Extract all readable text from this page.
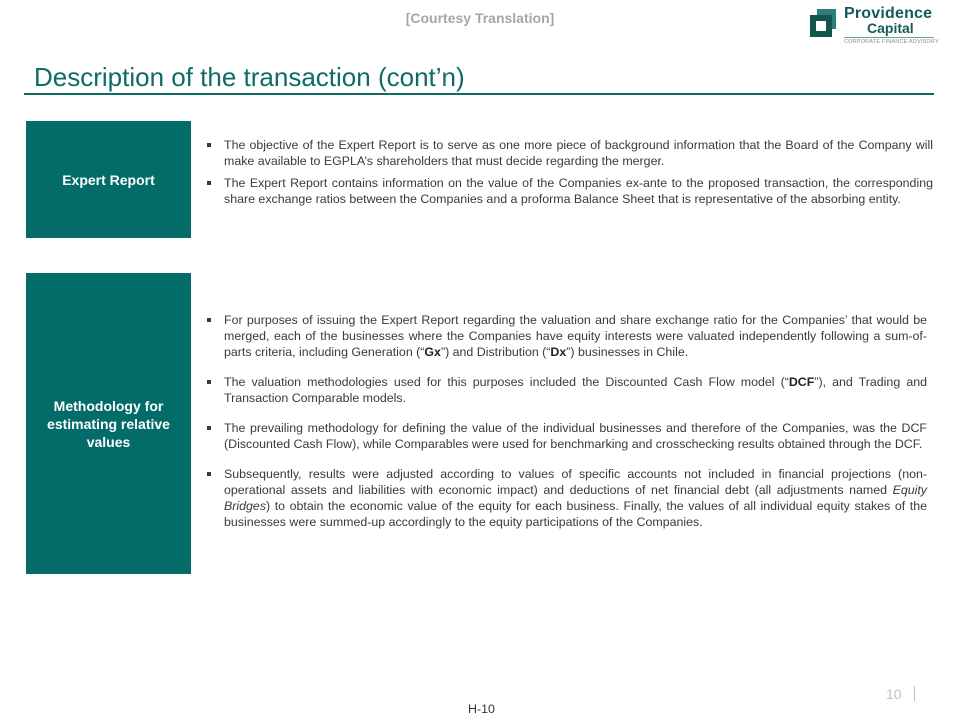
[Courtesy Translation]	Providence
Capital
CORPORATE FINANCE ADVISORY
Description of the transaction (cont’n)
Expert Report
The objective of the Expert Report is to serve as one more piece of background information that the Board of the Company will make available to EGPLA’s shareholders that must decide regarding the merger.
The Expert Report contains information on the value of the Companies ex-ante to the proposed transaction, the corresponding share exchange ratios between the Companies and a proforma Balance Sheet that is representative of the absorbing entity.
Methodology for estimating relative values
For purposes of issuing the Expert Report regarding the valuation and share exchange ratio for the Companies’ that would be merged, each of the businesses where the Companies have equity interests were valuated independently following a sum-of-parts criteria, including Generation (“Gx”) and Distribution (“Dx”) businesses in Chile.
The valuation methodologies used for this purposes included the Discounted Cash Flow model (“DCF”), and Trading and Transaction Comparable models.
The prevailing methodology for defining the value of the individual businesses and therefore of the Companies, was the DCF (Discounted Cash Flow), while Comparables were used for benchmarking and crosschecking results obtained through the DCF.
Subsequently, results were adjusted according to values of specific accounts not included in financial projections (non-operational assets and liabilities with economic impact) and deductions of net financial debt (all adjustments named Equity Bridges) to obtain the economic value of the equity for each business. Finally, the values of all individual equity stakes of the businesses were summed-up accordingly to the equity participations of the Companies.
10
H-10
